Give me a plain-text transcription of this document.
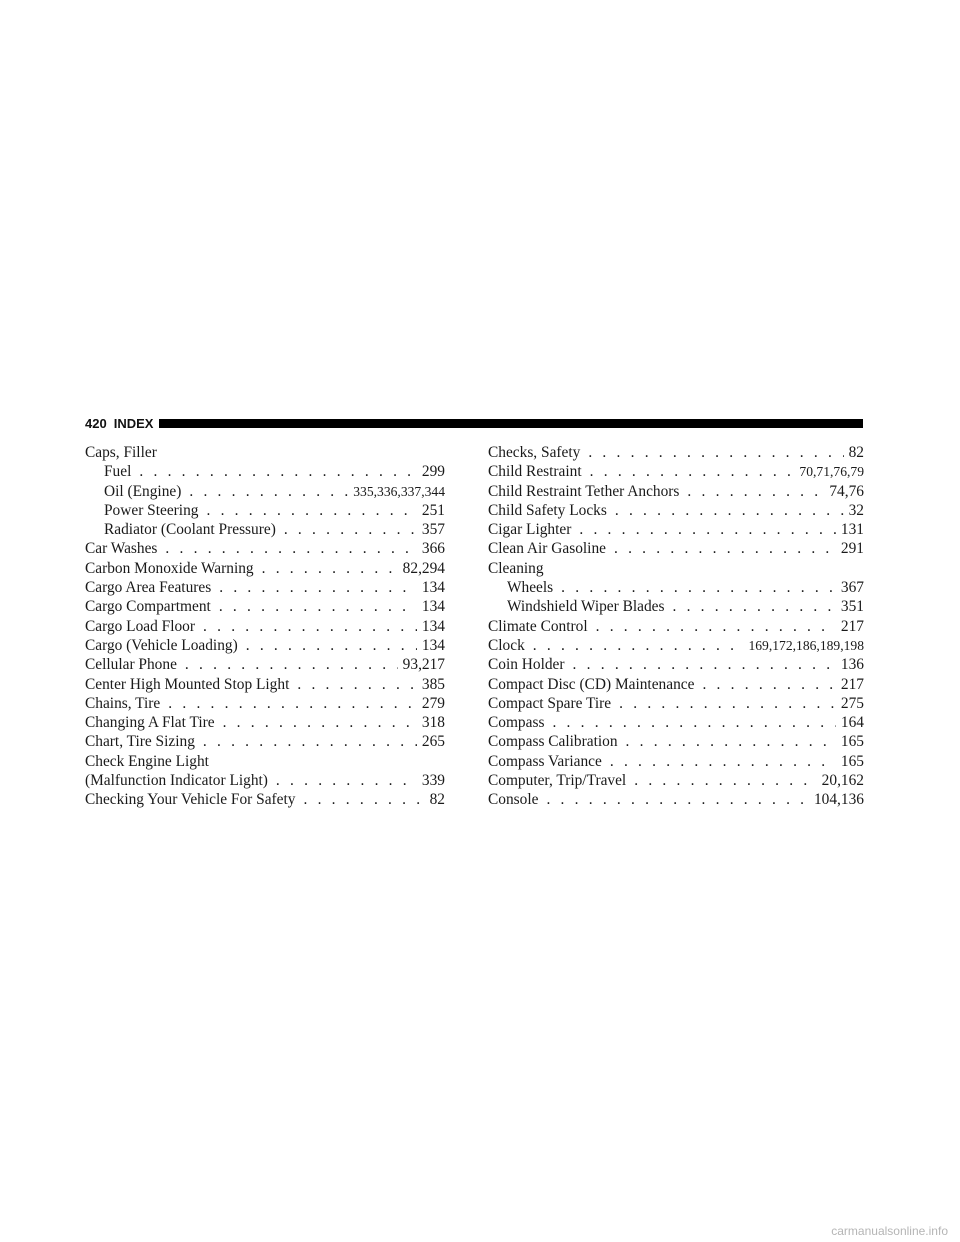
420 INDEX
Caps, Filler
Fuel . . .	299
Oil (Engine) . . .	335,336,337,344
Power Steering . . .	251
Radiator (Coolant Pressure) . . .	357
Car Washes . . .	366
Carbon Monoxide Warning . . .	82,294
Cargo Area Features . . .	134
Cargo Compartment . . .	134
Cargo Load Floor . . .	134
Cargo (Vehicle Loading) . . .	134
Cellular Phone . . .	93,217
Center High Mounted Stop Light . . .	385
Chains, Tire . . .	279
Changing A Flat Tire . . .	318
Chart, Tire Sizing . . .	265
Check Engine Light
(Malfunction Indicator Light) . . .	339
Checking Your Vehicle For Safety . . .	82
Checks, Safety . . .	82
Child Restraint . . .	70,71,76,79
Child Restraint Tether Anchors . . .	74,76
Child Safety Locks . . .	32
Cigar Lighter . . .	131
Clean Air Gasoline . . .	291
Cleaning
Wheels . . .	367
Windshield Wiper Blades . . .	351
Climate Control . . .	217
Clock . . .	169,172,186,189,198
Coin Holder . . .	136
Compact Disc (CD) Maintenance . . .	217
Compact Spare Tire . . .	275
Compass . . .	164
Compass Calibration . . .	165
Compass Variance . . .	165
Computer, Trip/Travel . . .	20,162
Console . . .	104,136
carmanualsonline.info
